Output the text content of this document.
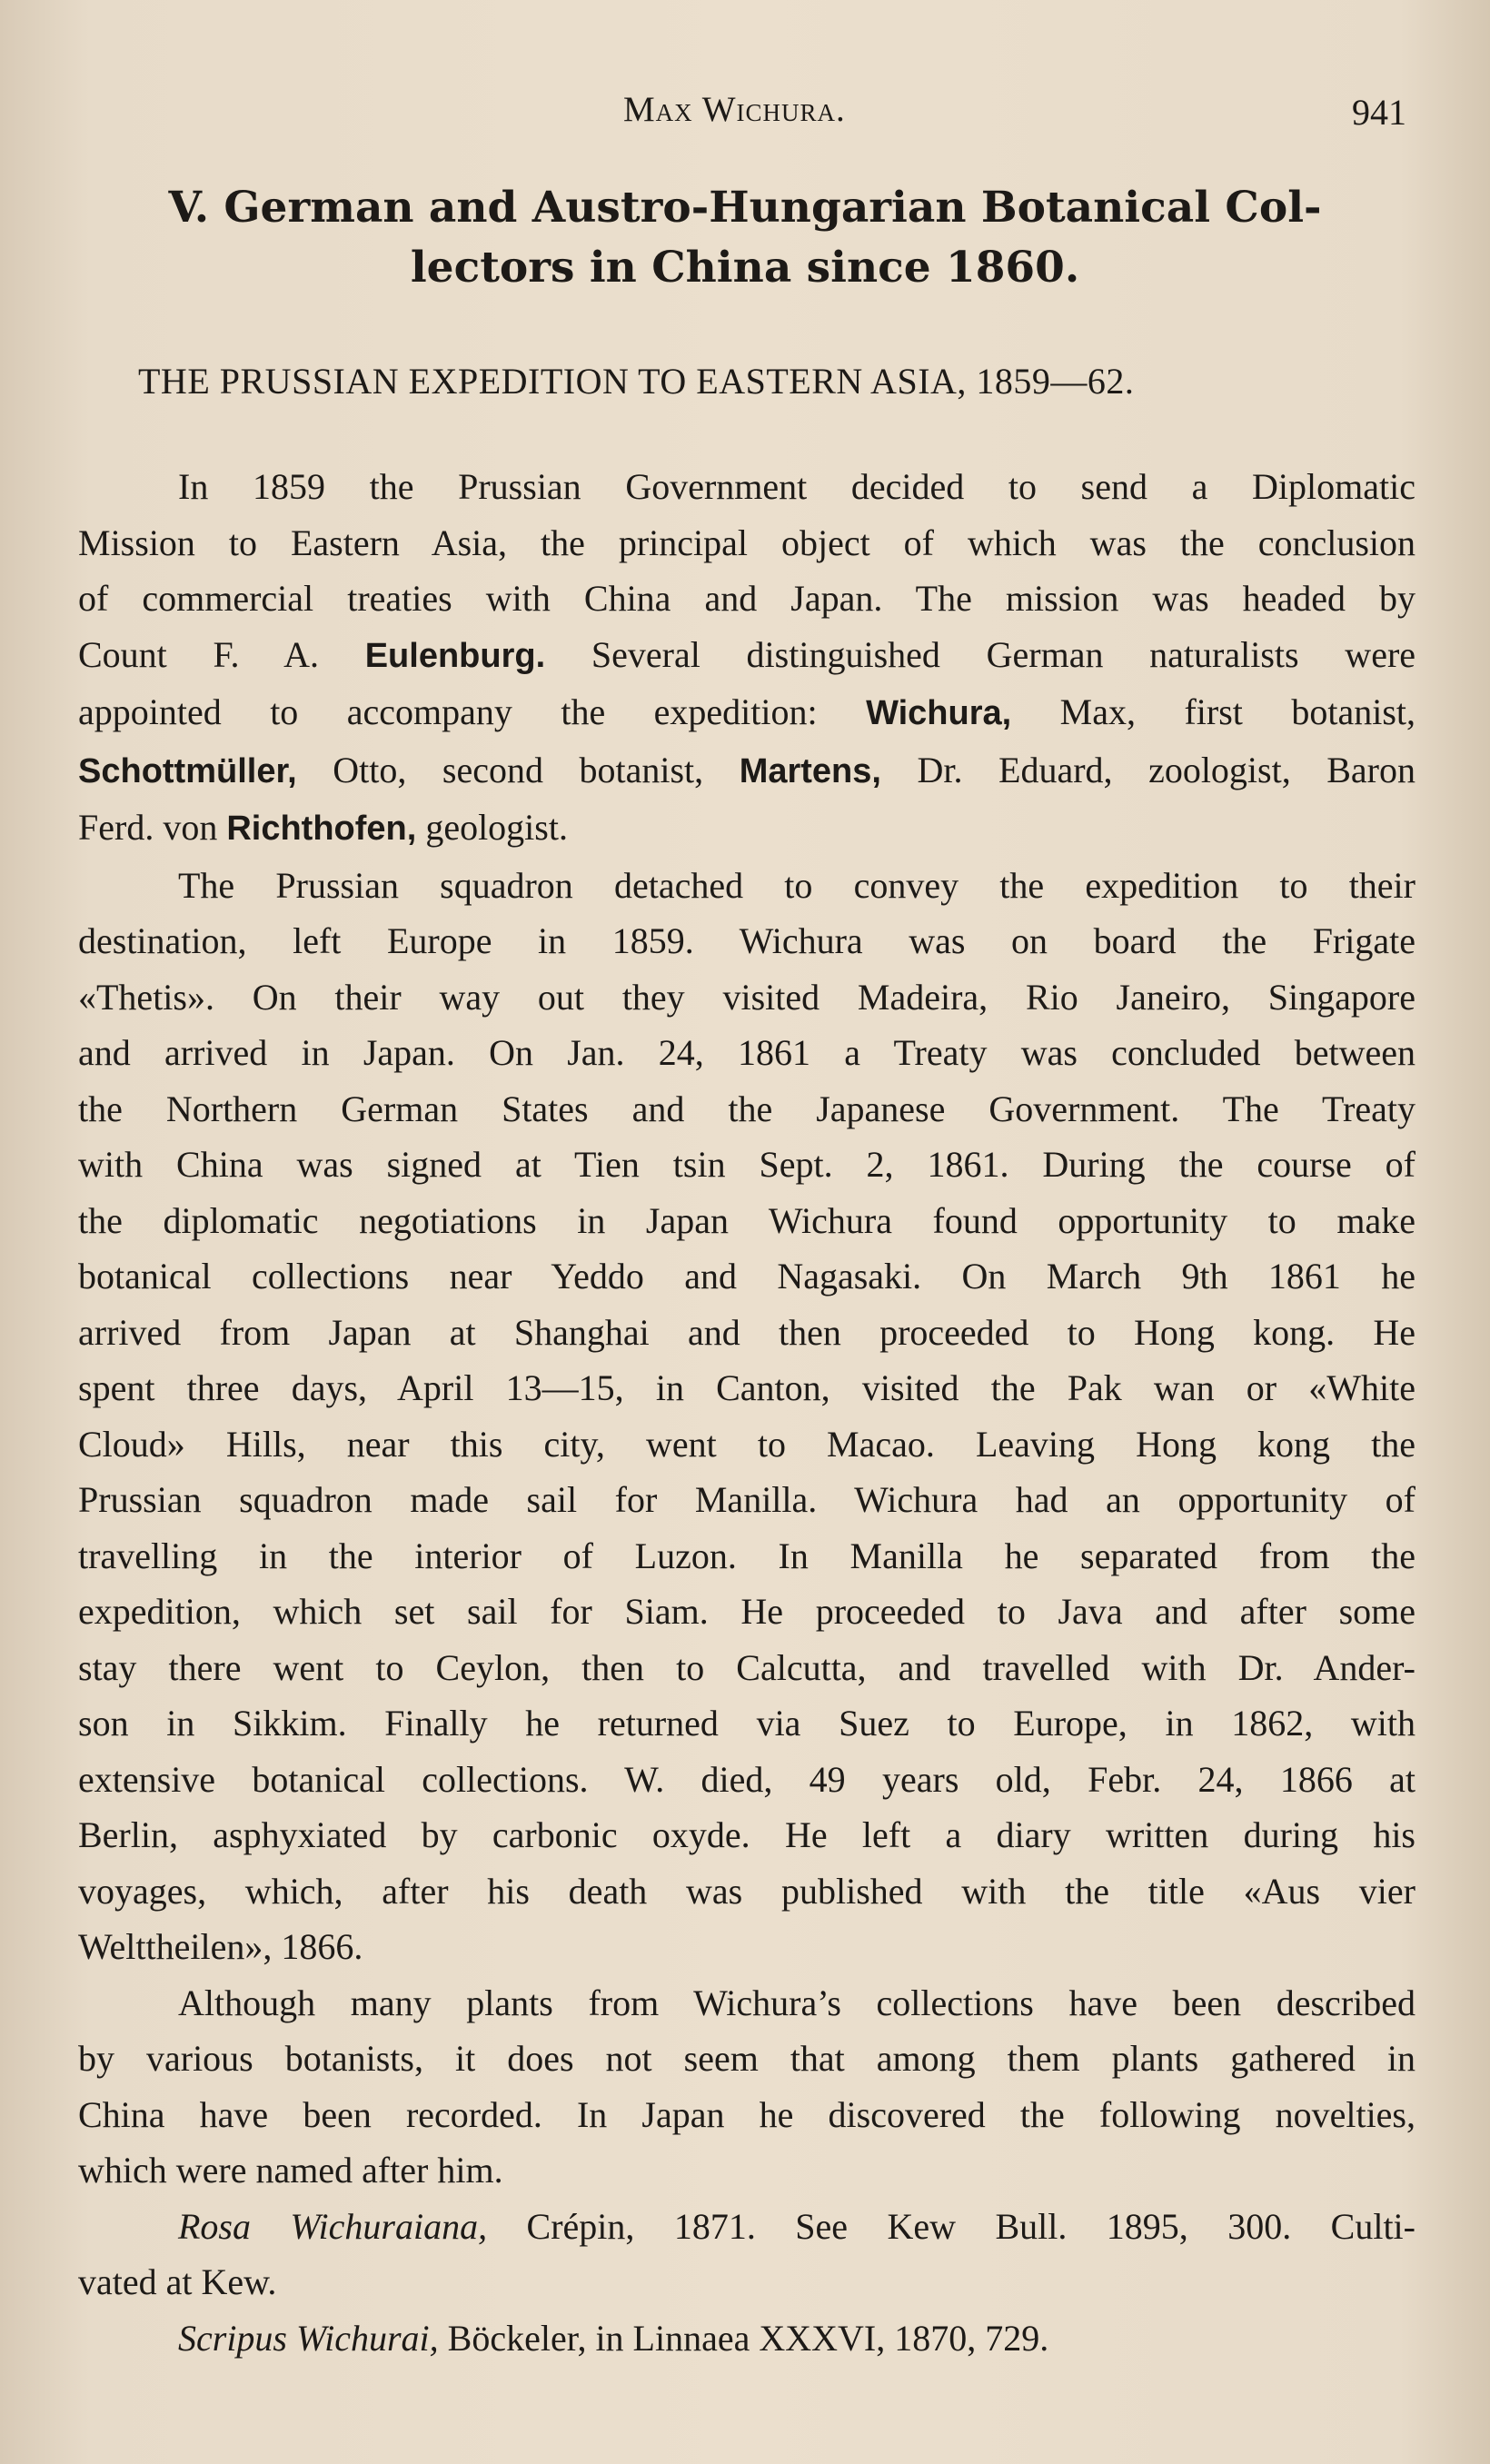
Max Wichura.	941
V. German and Austro-Hungarian Botanical Col-
lectors in China since 1860.
THE PRUSSIAN EXPEDITION TO EASTERN ASIA, 1859—62.

In 1859 the Prussian Government decided to send a Diplomatic
Mission to Eastern Asia, the principal object of which was the conclusion
of commercial treaties with China and Japan. The mission was headed by
Count F. A. Eulenburg. Several distinguished German naturalists were
appointed to accompany the expedition: Wichura, Max, first botanist,
Schottmüller, Otto, second botanist, Martens, Dr. Eduard, zoologist, Baron
Ferd. von Richthofen, geologist.

The Prussian squadron detached to convey the expedition to their
destination, left Europe in 1859. Wichura was on board the Frigate
«Thetis». On their way out they visited Madeira, Rio Janeiro, Singapore
and arrived in Japan. On Jan. 24, 1861 a Treaty was concluded between
the Northern German States and the Japanese Government. The Treaty
with China was signed at Tien tsin Sept. 2, 1861. During the course of
the diplomatic negotiations in Japan Wichura found opportunity to make
botanical collections near Yeddo and Nagasaki. On March 9th 1861 he
arrived from Japan at Shanghai and then proceeded to Hong kong. He
spent three days, April 13—15, in Canton, visited the Pak wan or «White
Cloud» Hills, near this city, went to Macao. Leaving Hong kong the
Prussian squadron made sail for Manilla. Wichura had an opportunity of
travelling in the interior of Luzon. In Manilla he separated from the
expedition, which set sail for Siam. He proceeded to Java and after some
stay there went to Ceylon, then to Calcutta, and travelled with Dr. Ander-
son in Sikkim. Finally he returned via Suez to Europe, in 1862, with
extensive botanical collections. W. died, 49 years old, Febr. 24, 1866 at
Berlin, asphyxiated by carbonic oxyde. He left a diary written during his
voyages, which, after his death was published with the title «Aus vier
Welttheilen», 1866.

Although many plants from Wichura’s collections have been described
by various botanists, it does not seem that among them plants gathered in
China have been recorded. In Japan he discovered the following novelties,
which were named after him.

Rosa Wichuraiana, Crépin, 1871. See Kew Bull. 1895, 300. Culti-
vated at Kew.

Scripus Wichurai, Böckeler, in Linnaea XXXVI, 1870, 729.
